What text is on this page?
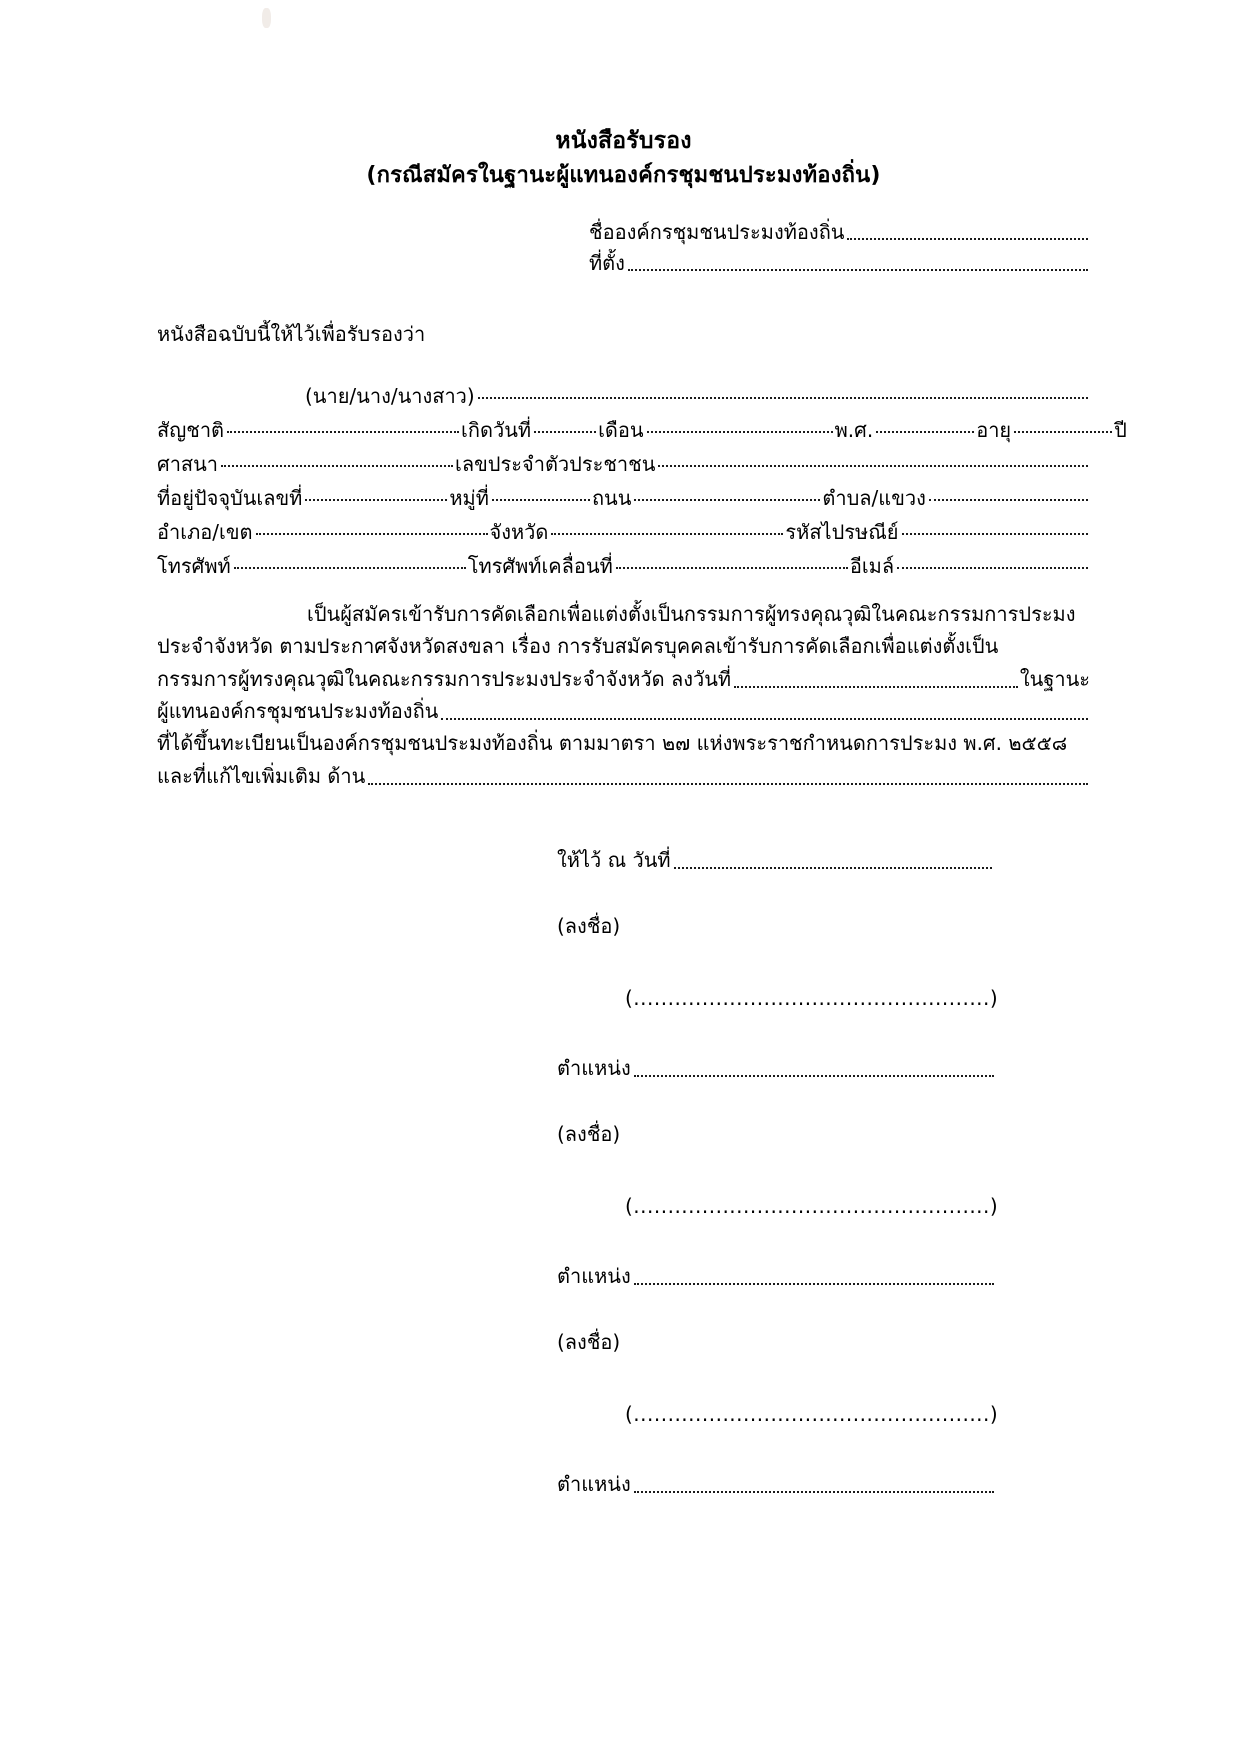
หนังสือรับรอง
(กรณีสมัครในฐานะผู้แทนองค์กรชุมชนประมงท้องถิ่น)
ชื่อองค์กรชุมชนประมงท้องถิ่น
ที่ตั้ง
หนังสือฉบับนี้ให้ไว้เพื่อรับรองว่า
(นาย/นาง/นางสาว)
สัญชาติ	เกิดวันที่	เดือน	พ.ศ.	อายุ	ปี
ศาสนา	เลขประจำตัวประชาชน
ที่อยู่ปัจจุบันเลขที่	หมู่ที่	ถนน	ตำบล/แขวง
อำเภอ/เขต	จังหวัด	รหัสไปรษณีย์
โทรศัพท์	โทรศัพท์เคลื่อนที่	อีเมล์
เป็นผู้สมัครเข้ารับการคัดเลือกเพื่อแต่งตั้งเป็นกรรมการผู้ทรงคุณวุฒิในคณะกรรมการประมง
ประจำจังหวัด ตามประกาศจังหวัดสงขลา เรื่อง การรับสมัครบุคคลเข้ารับการคัดเลือกเพื่อแต่งตั้งเป็น
กรรมการผู้ทรงคุณวุฒิในคณะกรรมการประมงประจำจังหวัด ลงวันที่	ในฐานะ
ผู้แทนองค์กรชุมชนประมงท้องถิ่น
ที่ได้ขึ้นทะเบียนเป็นองค์กรชุมชนประมงท้องถิ่น ตามมาตรา ๒๗ แห่งพระราชกำหนดการประมง พ.ศ. ๒๕๕๘
และที่แก้ไขเพิ่มเติม ด้าน
ให้ไว้ ณ วันที่
(ลงชื่อ)
(....................................................)
ตำแหน่ง
(ลงชื่อ)
(....................................................)
ตำแหน่ง
(ลงชื่อ)
(....................................................)
ตำแหน่ง
